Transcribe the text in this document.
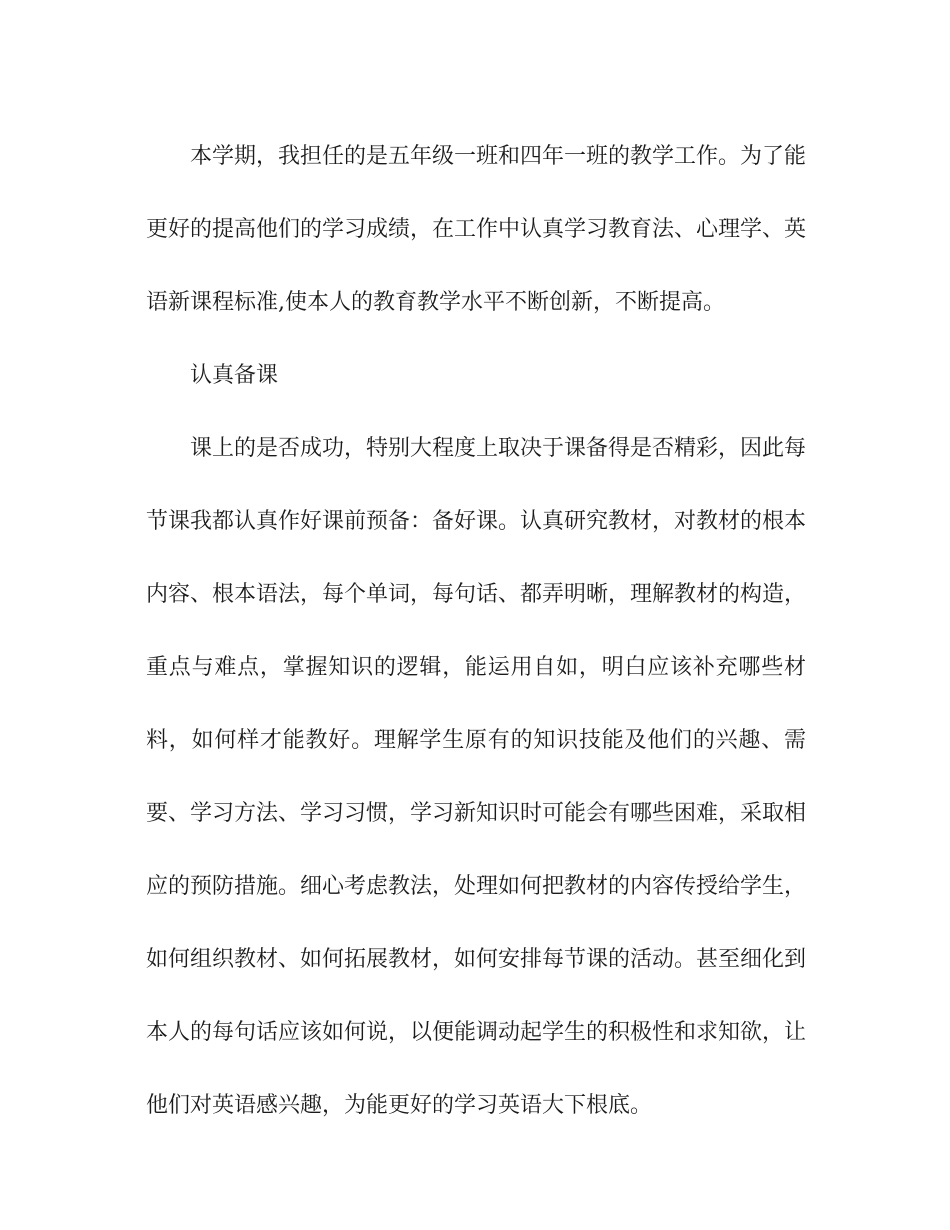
本学期，我担任的是五年级一班和四年一班的教学工作。为了能更好的提高他们的学习成绩，在工作中认真学习教育法、心理学、英语新课程标准,使本人的教育教学水平不断创新，不断提高。

认真备课

课上的是否成功，特别大程度上取决于课备得是否精彩，因此每节课我都认真作好课前预备：备好课。认真研究教材，对教材的根本内容、根本语法，每个单词，每句话、都弄明晰，理解教材的构造，重点与难点，掌握知识的逻辑，能运用自如，明白应该补充哪些材料，如何样才能教好。理解学生原有的知识技能及他们的兴趣、需要、学习方法、学习习惯，学习新知识时可能会有哪些困难，采取相应的预防措施。细心考虑教法，处理如何把教材的内容传授给学生，如何组织教材、如何拓展教材，如何安排每节课的活动。甚至细化到本人的每句话应该如何说，以便能调动起学生的积极性和求知欲，让他们对英语感兴趣，为能更好的学习英语大下根底。
